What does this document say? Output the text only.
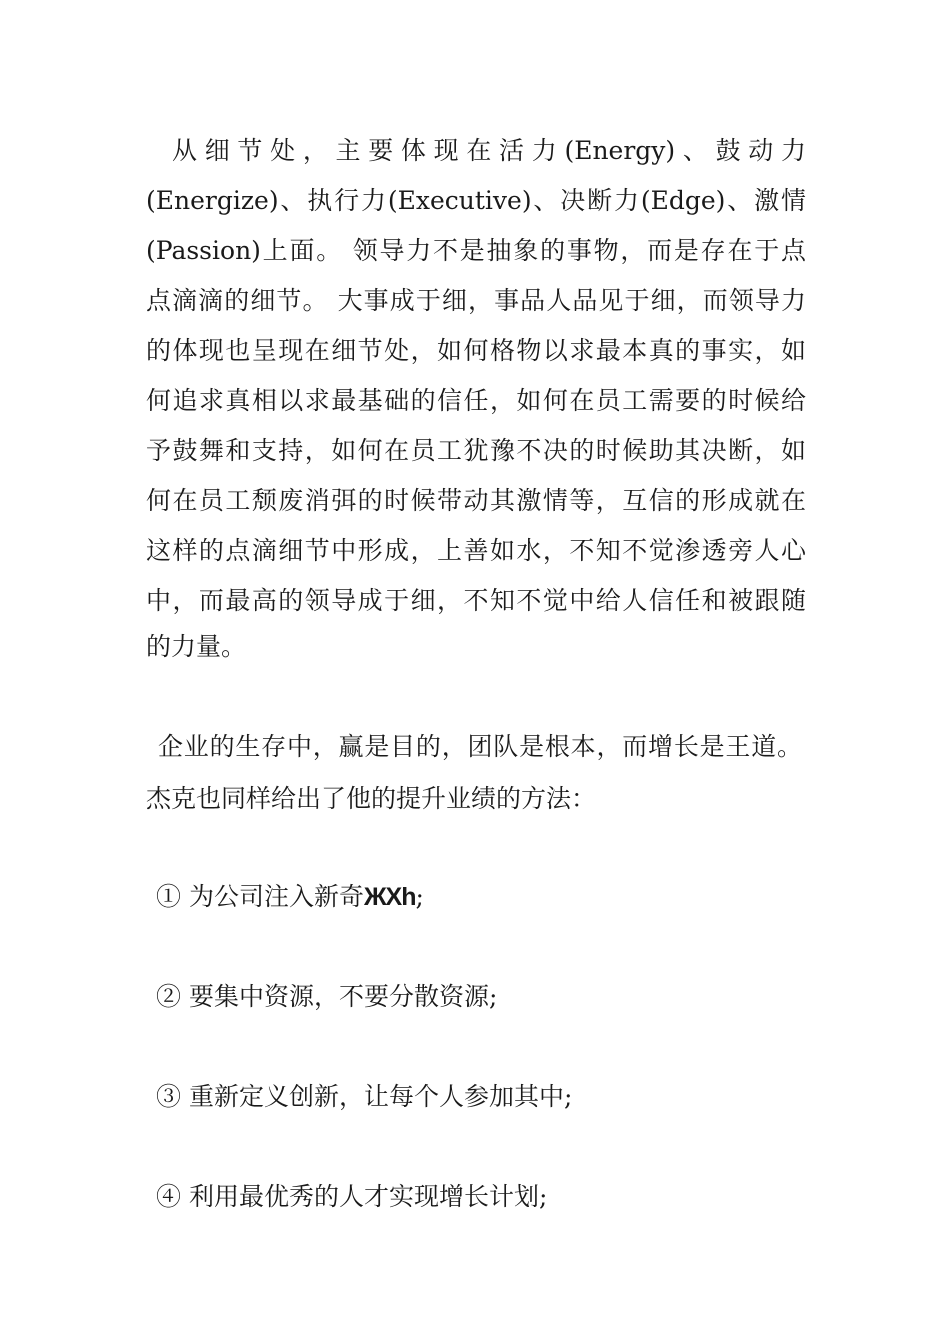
从细节处，主要体现在活力(Energy)、鼓动力
(Energize)、执行力(Executive)、决断力(Edge)、激情
(Passion)上面。 领导力不是抽象的事物，而是存在于点
点滴滴的细节。 大事成于细，事品人品见于细，而领导力
的体现也呈现在细节处，如何格物以求最本真的事实，如
何追求真相以求最基础的信任，如何在员工需要的时候给
予鼓舞和支持，如何在员工犹豫不决的时候助其决断，如
何在员工颓废消弭的时候带动其激情等，互信的形成就在
这样的点滴细节中形成，上善如水，不知不觉渗透旁人心
中，而最高的领导成于细，不知不觉中给人信任和被跟随
的力量。
企业的生存中，赢是目的，团队是根本，而增长是王道。
杰克也同样给出了他的提升业绩的方法：
① 为公司注入新奇ЖXh;
② 要集中资源，不要分散资源;
③ 重新定义创新，让每个人参加其中;
④ 利用最优秀的人才实现增长计划;
